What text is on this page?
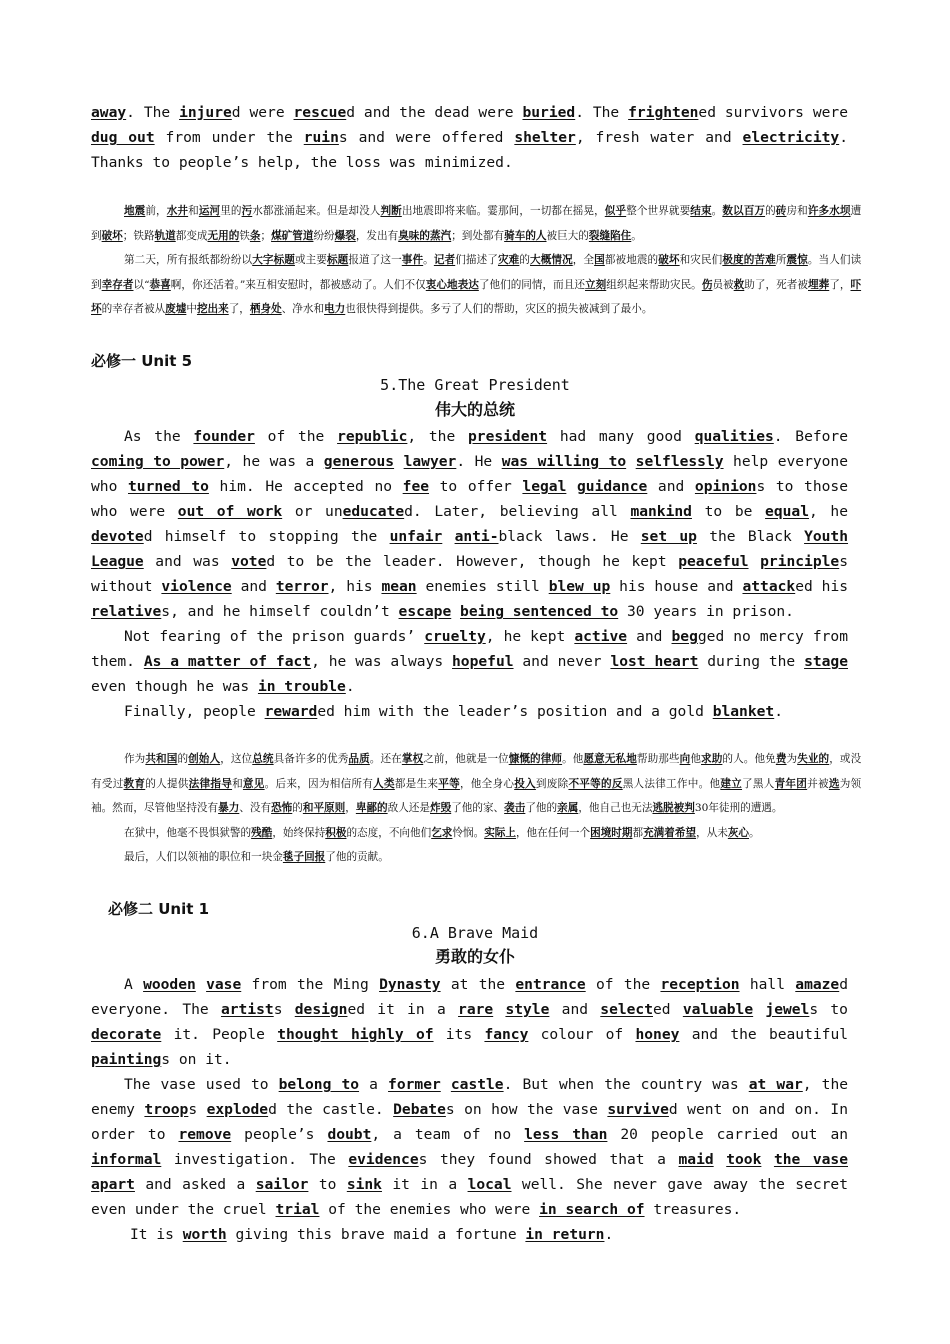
away. The injured were rescued and the dead were buried. The frightened survivors were dug out from under the ruins and were offered shelter, fresh water and electricity. Thanks to people’s help, the loss was minimized.

地震前，水井和运河里的污水都涨涌起来。但是却没人判断出地震即将来临。霎那间，一切都在摇晃，似乎整个世界就要结束。数以百万的砖房和许多水坝遭到破坏；铁路轨道都变成无用的铁条；煤矿管道纷纷爆裂，发出有臭味的蒸汽；到处都有骑车的人被巨大的裂缝陷住。

第二天，所有报纸都纷纷以大字标题或主要标题报道了这一事件。记者们描述了灾难的大概情况，全国都被地震的破坏和灾民们极度的苦难所震惊。当人们读到幸存者以“恭喜啊，你还活着。”来互相安慰时，都被感动了。人们不仅衷心地表达了他们的同情，而且还立刻组织起来帮助灾民。伤员被救助了，死者被埋葬了，吓坏的幸存者被从废墟中挖出来了，栖身处、净水和电力也很快得到提供。多亏了人们的帮助，灾区的损失被减到了最小。

必修一 Unit 5
5.The Great President
伟大的总统

As the founder of the republic, the president had many good qualities. Before coming to power, he was a generous lawyer. He was willing to selflessly help everyone who turned to him. He accepted no fee to offer legal guidance and opinions to those who were out of work or uneducated. Later, believing all mankind to be equal, he devoted himself to stopping the unfair anti-black laws. He set up the Black Youth League and was voted to be the leader. However, though he kept peaceful principles without violence and terror, his mean enemies still blew up his house and attacked his relatives, and he himself couldn’t escape being sentenced to 30 years in prison.

Not fearing of the prison guards’ cruelty, he kept active and begged no mercy from them. As a matter of fact, he was always hopeful and never lost heart during the stage even though he was in trouble.

Finally, people rewarded him with the leader’s position and a gold blanket.

作为共和国的创始人，这位总统具备许多的优秀品质。还在掌权之前，他就是一位慷慨的律师。他愿意无私地帮助那些向他求助的人。他免费为失业的，或没有受过教育的人提供法律指导和意见。后来，因为相信所有人类都是生来平等，他全身心投入到废除不平等的反黑人法律工作中。他建立了黑人青年团并被选为领袖。然而，尽管他坚持没有暴力、没有恐怖的和平原则，卑鄙的敌人还是炸毁了他的家、袭击了他的亲属，他自己也无法逃脱被判30年徒刑的遭遇。

在狱中，他毫不畏惧狱警的残酷，始终保持积极的态度，不向他们乞求怜悯。实际上，他在任何一个困境时期都充满着希望，从未灰心。

最后，人们以领袖的职位和一块金毯子回报了他的贡献。

必修二 Unit 1
6.A Brave Maid
勇敢的女仆

A wooden vase from the Ming Dynasty at the entrance of the reception hall amazed everyone. The artists designed it in a rare style and selected valuable jewels to decorate it. People thought highly of its fancy colour of honey and the beautiful paintings on it.

The vase used to belong to a former castle. But when the country was at war, the enemy troops exploded the castle. Debates on how the vase survived went on and on. In order to remove people’s doubt, a team of no less than 20 people carried out an informal investigation. The evidences they found showed that a maid took the vase apart and asked a sailor to sink it in a local well. She never gave away the secret even under the cruel trial of the enemies who were in search of treasures.

It is worth giving this brave maid a fortune in return.
